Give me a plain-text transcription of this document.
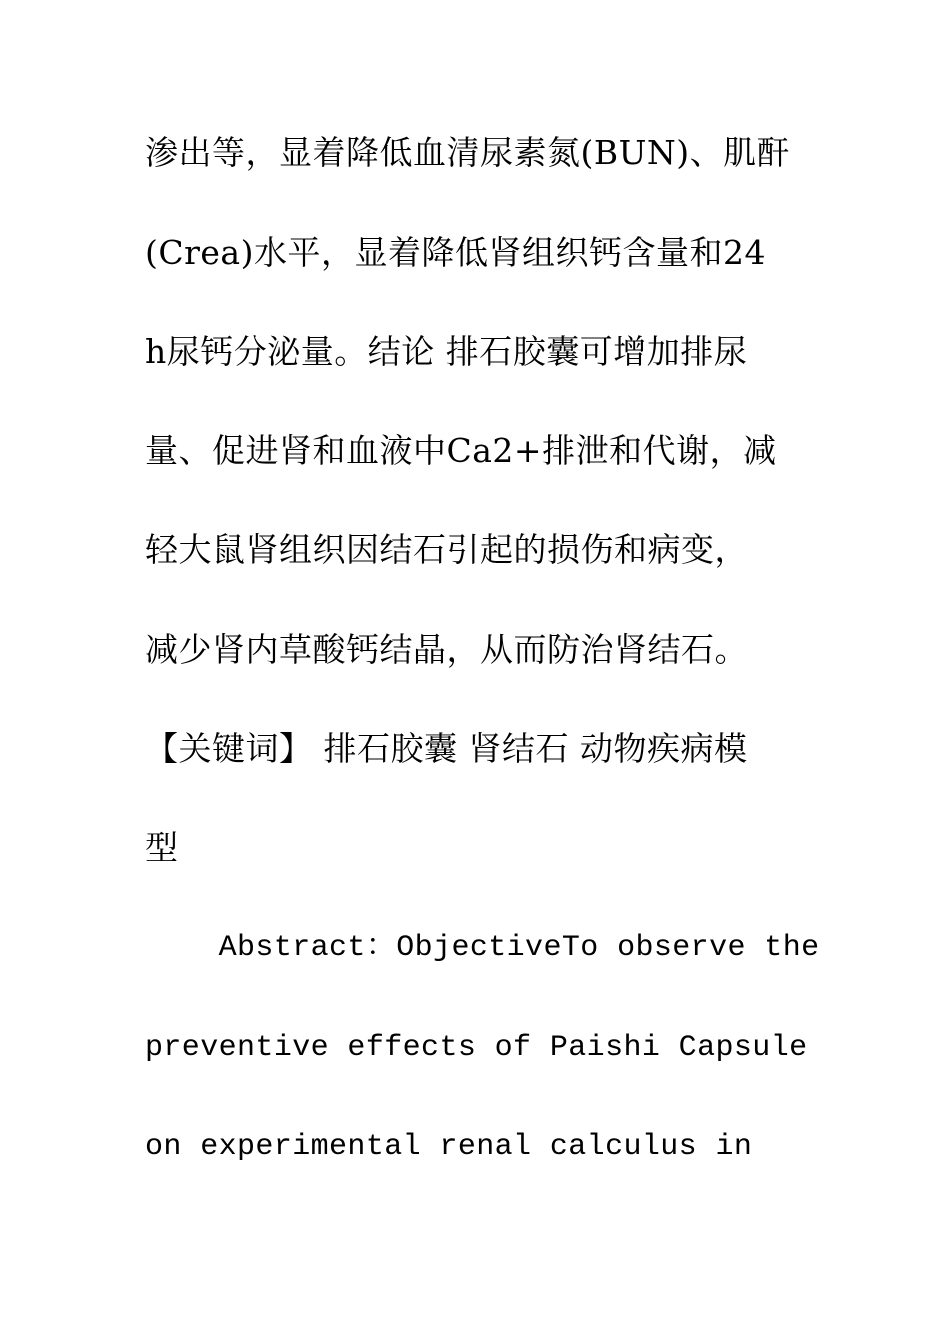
渗出等，显着降低血清尿素氮(BUN)、肌酐
(Crea)水平，显着降低肾组织钙含量和24
h尿钙分泌量。结论 排石胶囊可增加排尿
量、促进肾和血液中Ca2+排泄和代谢，减
轻大鼠肾组织因结石引起的损伤和病变，
减少肾内草酸钙结晶，从而防治肾结石。
【关键词】 排石胶囊 肾结石 动物疾病模
型
Abstract：ObjectiveTo observe the
preventive effects of Paishi Capsule
on experimental renal calculus in
